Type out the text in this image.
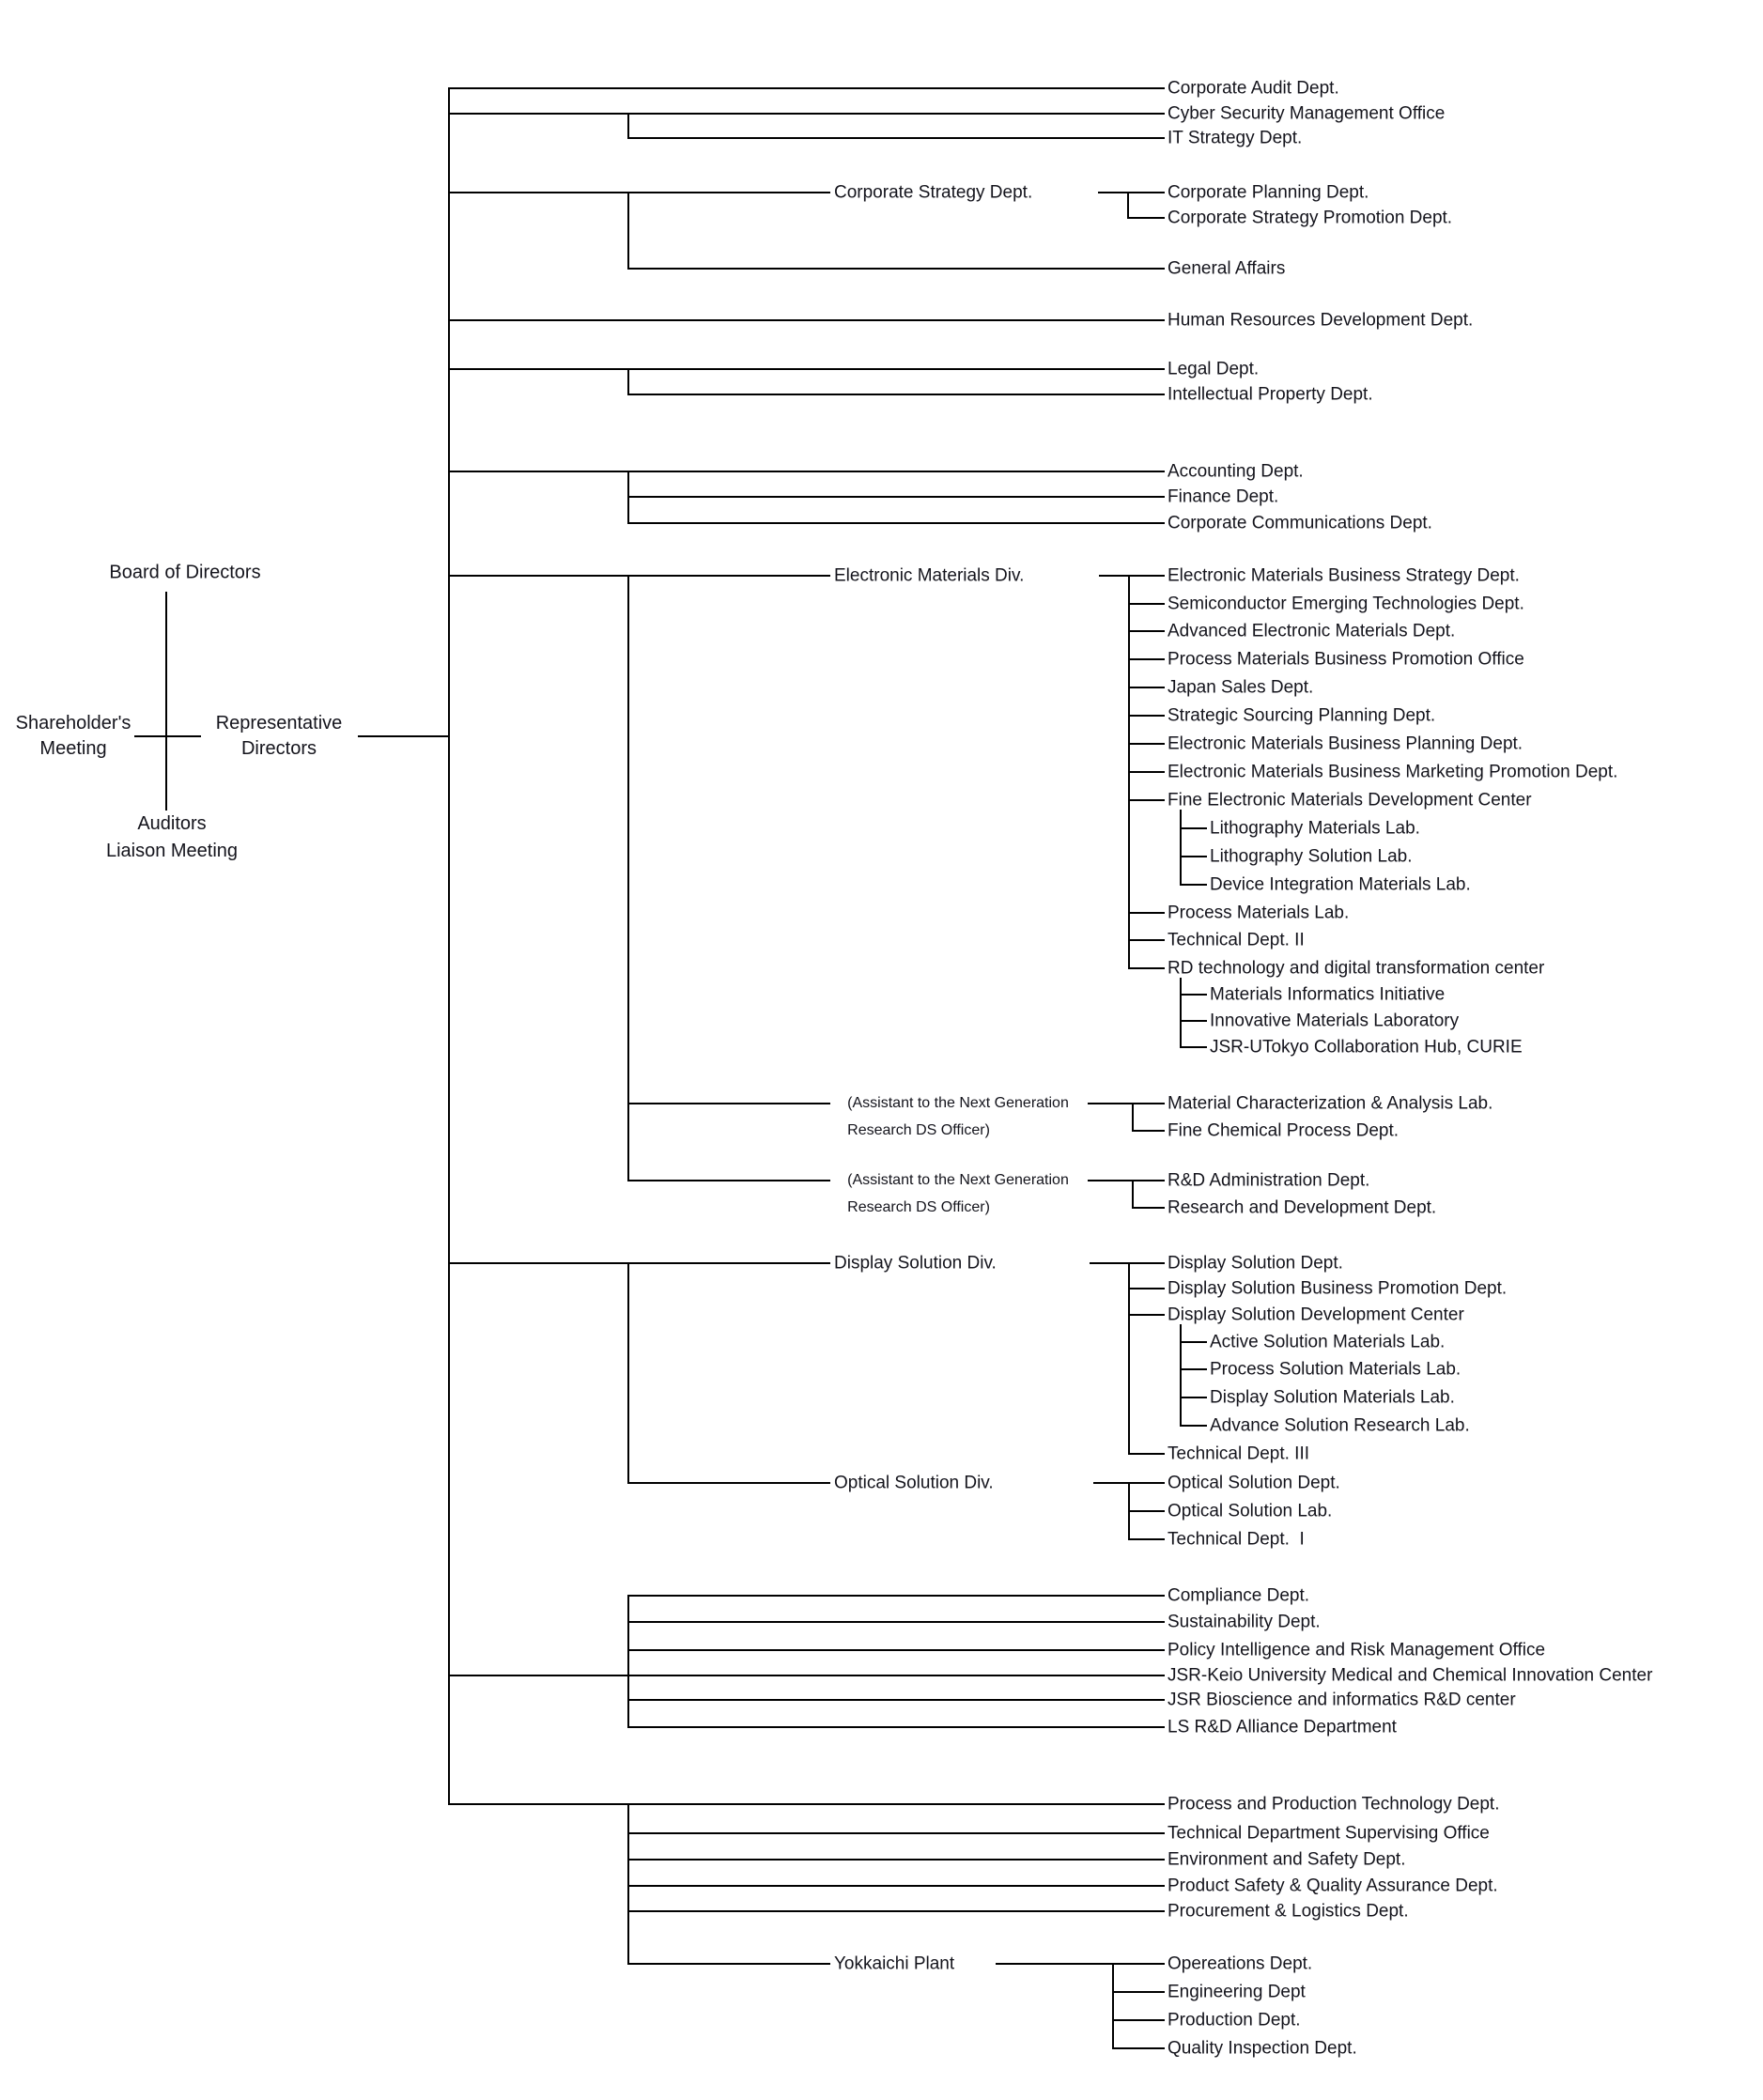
Board of Directors
Shareholder's
Meeting
Representative
Directors
Auditors
Liaison Meeting
Corporate Audit Dept.
Cyber Security Management Office
IT Strategy Dept.
Corporate Strategy Dept.	Corporate Planning Dept.
Corporate Strategy Promotion Dept.
General Affairs
Human Resources Development Dept.
Legal Dept.
Intellectual Property Dept.
Accounting Dept.
Finance Dept.
Corporate Communications Dept.
Electronic Materials Div.	Electronic Materials Business Strategy Dept.
Semiconductor Emerging Technologies Dept.
Advanced Electronic Materials Dept.
Process Materials Business Promotion Office
Japan Sales Dept.
Strategic Sourcing Planning Dept.
Electronic Materials Business Planning Dept.
Electronic Materials Business Marketing Promotion Dept.
Fine Electronic Materials Development Center
Lithography Materials Lab.
Lithography Solution Lab.
Device Integration Materials Lab.
Process Materials Lab.
Technical Dept. II
RD technology and digital transformation center
Materials Informatics Initiative
Innovative Materials Laboratory
JSR-UTokyo Collaboration Hub, CURIE
(Assistant to the Next Generation
Research DS Officer)
Material Characterization & Analysis Lab.
Fine Chemical Process Dept.
(Assistant to the Next Generation
Research DS Officer)
R&D Administration Dept.
Research and Development Dept.
Display Solution Div.	Display Solution Dept.
Display Solution Business Promotion Dept.
Display Solution Development Center
Active Solution Materials Lab.
Process Solution Materials Lab.
Display Solution Materials Lab.
Advance Solution Research Lab.
Technical Dept. III
Optical Solution Div.	Optical Solution Dept.
Optical Solution Lab.
Technical Dept.  I
Compliance Dept.
Sustainability Dept.
Policy Intelligence and Risk Management Office
JSR-Keio University Medical and Chemical Innovation Center
JSR Bioscience and informatics R&D center
LS R&D Alliance Department
Process and Production Technology Dept.
Technical Department Supervising Office
Environment and Safety Dept.
Product Safety & Quality Assurance Dept.
Procurement & Logistics Dept.
Yokkaichi Plant	Opereations Dept.
Engineering Dept
Production Dept.
Quality Inspection Dept.
